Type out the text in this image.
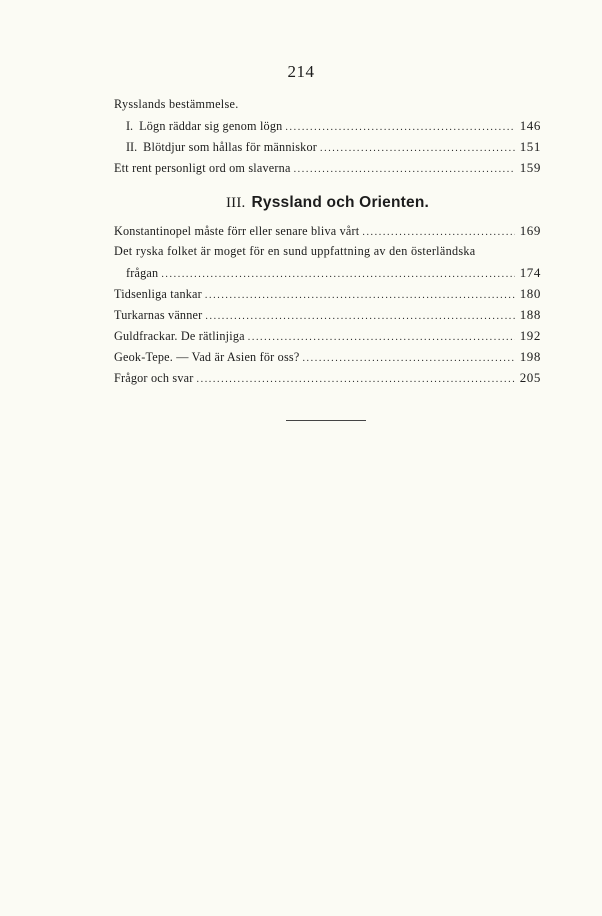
214
Rysslands bestämmelse.
I. Lögn räddar sig genom lögn .....	146
II. Blötdjur som hållas för människor .....	151
Ett rent personligt ord om slaverna .....	159
III. Ryssland och Orienten.
Konstantinopel måste förr eller senare bliva vårt .....	169
Det ryska folket är moget för en sund uppfattning av den österländska
frågan .....	174
Tidsenliga tankar .....	180
Turkarnas vänner .....	188
Guldfrackar. De rätlinjiga .....	192
Geok-Tepe. — Vad är Asien för oss? .....	198
Frågor och svar .....	205
